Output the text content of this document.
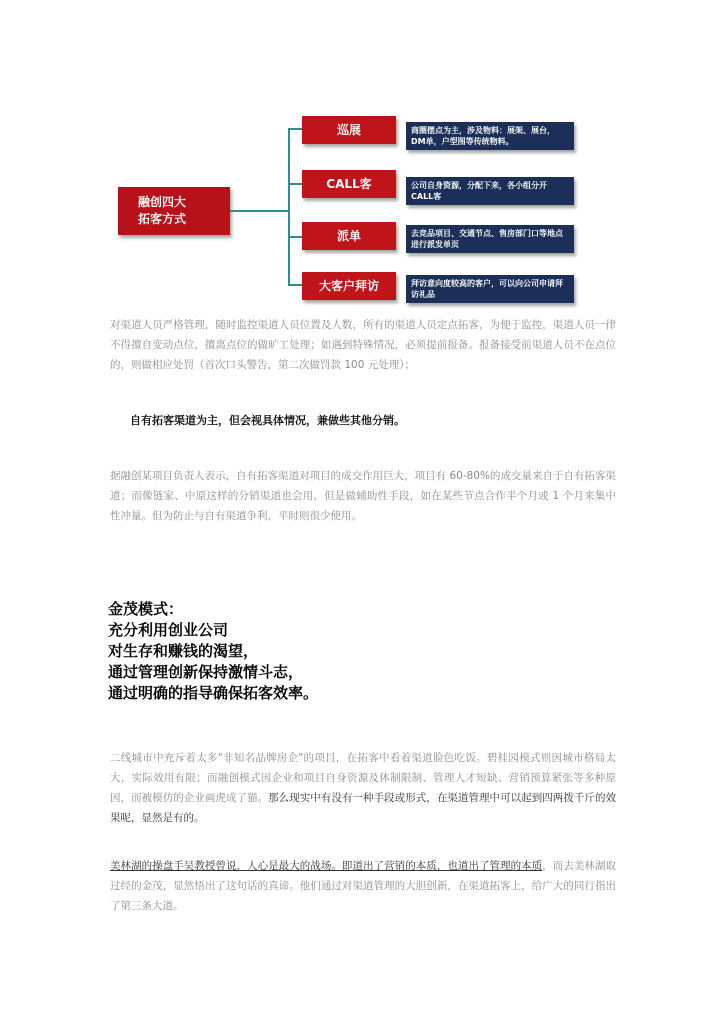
融创四大
拓客方式
巡展	商圈摆点为主，涉及物料：展架、展台，DM单，户型图等传统物料。
CALL客	公司自身资源，分配下来，各小组分开CALL客
派单	去竞品项目、交通节点、售房部门口等地点进行派发单页
大客户拜访	拜访意向度较高的客户，可以向公司申请拜访礼品
对渠道人员严格管理，随时监控渠道人员位置及人数，所有的渠道人员定点拓客，为便于监控，渠道人员一律不得擅自变动点位，擅离点位的做旷工处理；如遇到特殊情况，必须提前报备。报备接受前渠道人员不在点位的，则做相应处罚（首次口头警告，第二次做罚款 100 元处理）；
自有拓客渠道为主，但会视具体情况，兼做些其他分销。
据融创某项目负责人表示，自有拓客渠道对项目的成交作用巨大，项目有 60-80%的成交量来自于自有拓客渠道；而像链家、中原这样的分销渠道也会用，但是做辅助性手段，如在某些节点合作半个月或 1 个月来集中性冲量。但为防止与自有渠道争利，平时则很少使用。
金茂模式：
充分利用创业公司
对生存和赚钱的渴望，
通过管理创新保持激情斗志，
通过明确的指导确保拓客效率。
二线城市中充斥着太多"非知名品牌房企"的项目，在拓客中看着渠道脸色吃饭。碧桂园模式则因城市格局太大，实际效用有限；而融创模式因企业和项目自身资源及体制限制、管理人才短缺、营销预算紧张等多种原因，而被模仿的企业画虎成了猫。那么现实中有没有一种手段或形式，在渠道管理中可以起到四两拨千斤的效果呢，显然是有的。
美林湖的操盘手吴教授曾说，人心是最大的战场。即道出了营销的本质，也道出了管理的本质，而去美林湖取过经的金茂，显然悟出了这句话的真谛。他们通过对渠道管理的大胆创新，在渠道拓客上，给广大的同行指出了第三条大道。
